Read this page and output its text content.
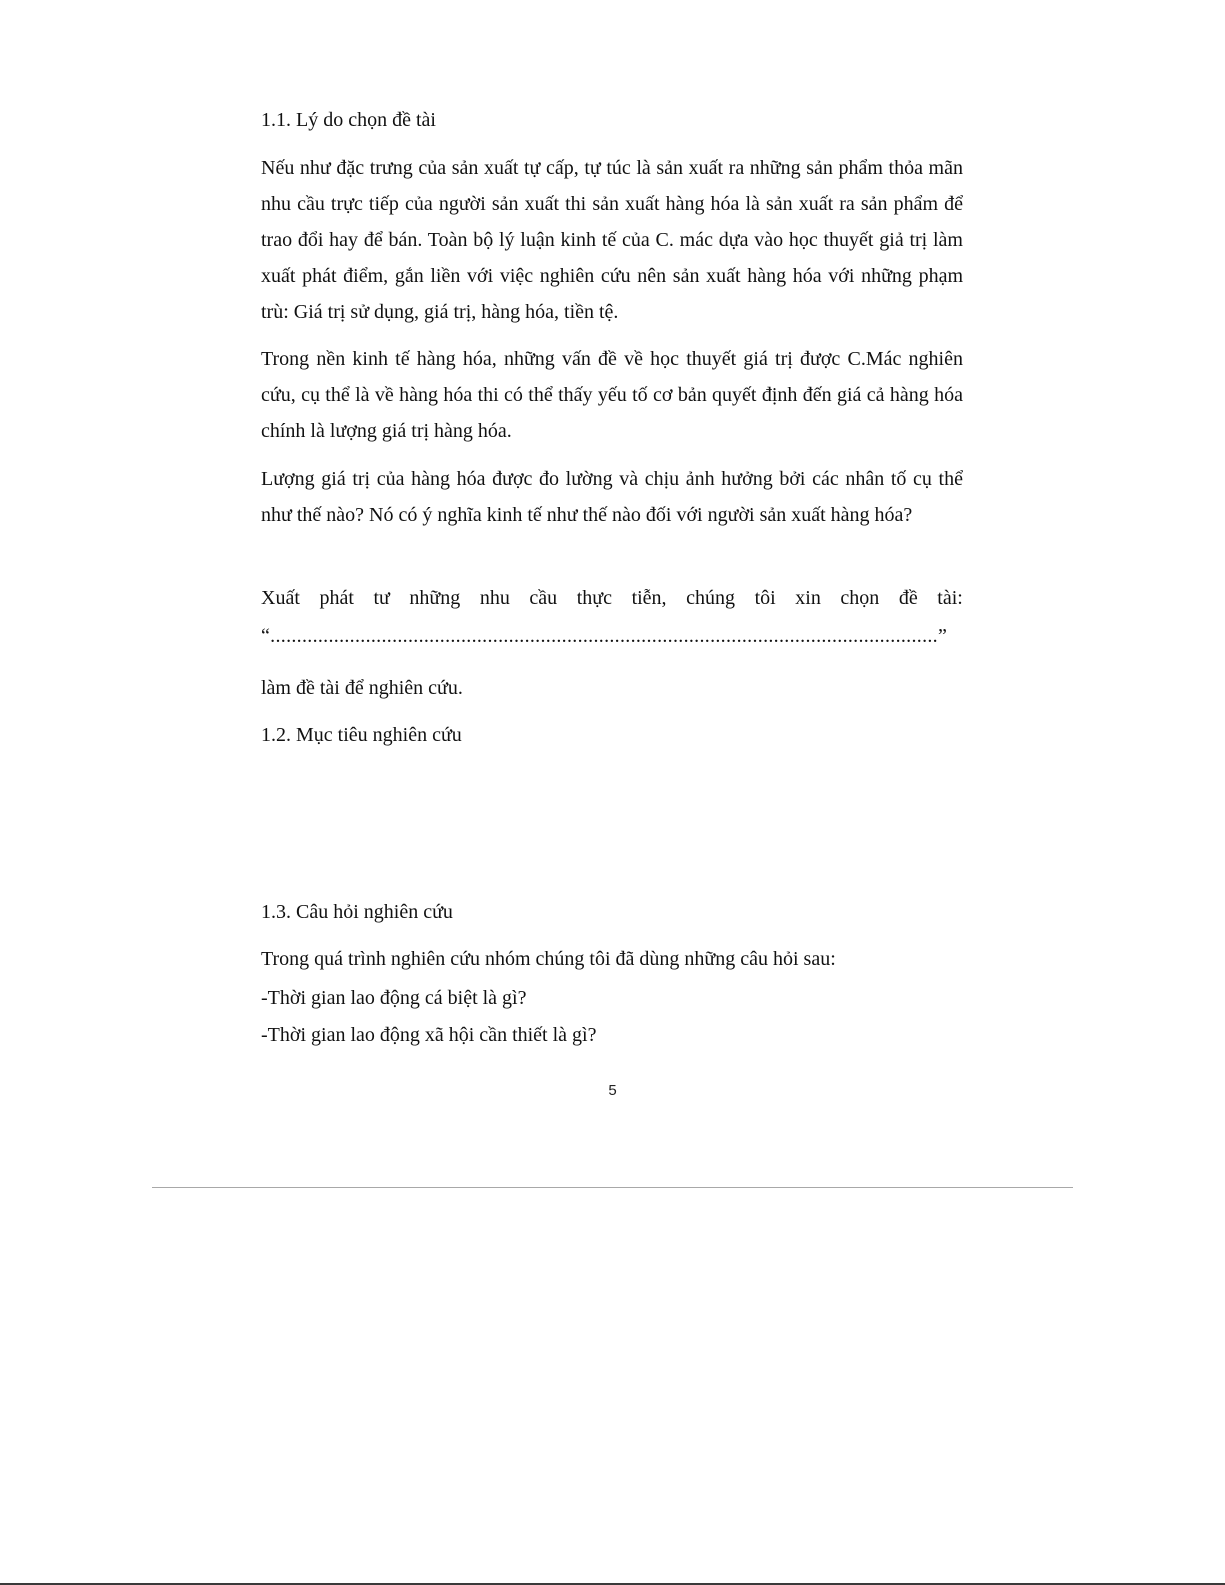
1.1. Lý do chọn đề tài
Nếu như đặc trưng của sản xuất tự cấp, tự túc là sản xuất ra những sản phẩm thỏa mãn nhu cầu trực tiếp của người sản xuất thi sản xuất hàng hóa là sản xuất ra sản phẩm để trao đổi hay để bán. Toàn bộ lý luận kinh tế của C. mác dựa vào học thuyết giả trị làm xuất phát điểm, gắn liền với việc nghiên cứu nên sản xuất hàng hóa với những phạm trù: Giá trị sử dụng, giá trị, hàng hóa, tiền tệ.
Trong nền kinh tế hàng hóa, những vấn đề về học thuyết giá trị được C.Mác nghiên cứu, cụ thể là về hàng hóa thi có thể thấy yếu tố cơ bản quyết định đến giá cả hàng hóa chính là lượng giá trị hàng hóa.
Lượng giá trị của hàng hóa được đo lường và chịu ảnh hưởng bởi các nhân tố cụ thể như thế nào? Nó có ý nghĩa kinh tế như thế nào đối với người sản xuất hàng hóa?
Xuất phát tư những nhu cầu thực tiễn, chúng tôi xin chọn đề tài:
“..............................................................................................................................”
làm đề tài để nghiên cứu.
1.2. Mục tiêu nghiên cứu
1.3. Câu hỏi nghiên cứu
Trong quá trình nghiên cứu nhóm chúng tôi đã dùng những câu hỏi sau:
-Thời gian lao động cá biệt là gì?
-Thời gian lao động xã hội cần thiết là gì?
5
